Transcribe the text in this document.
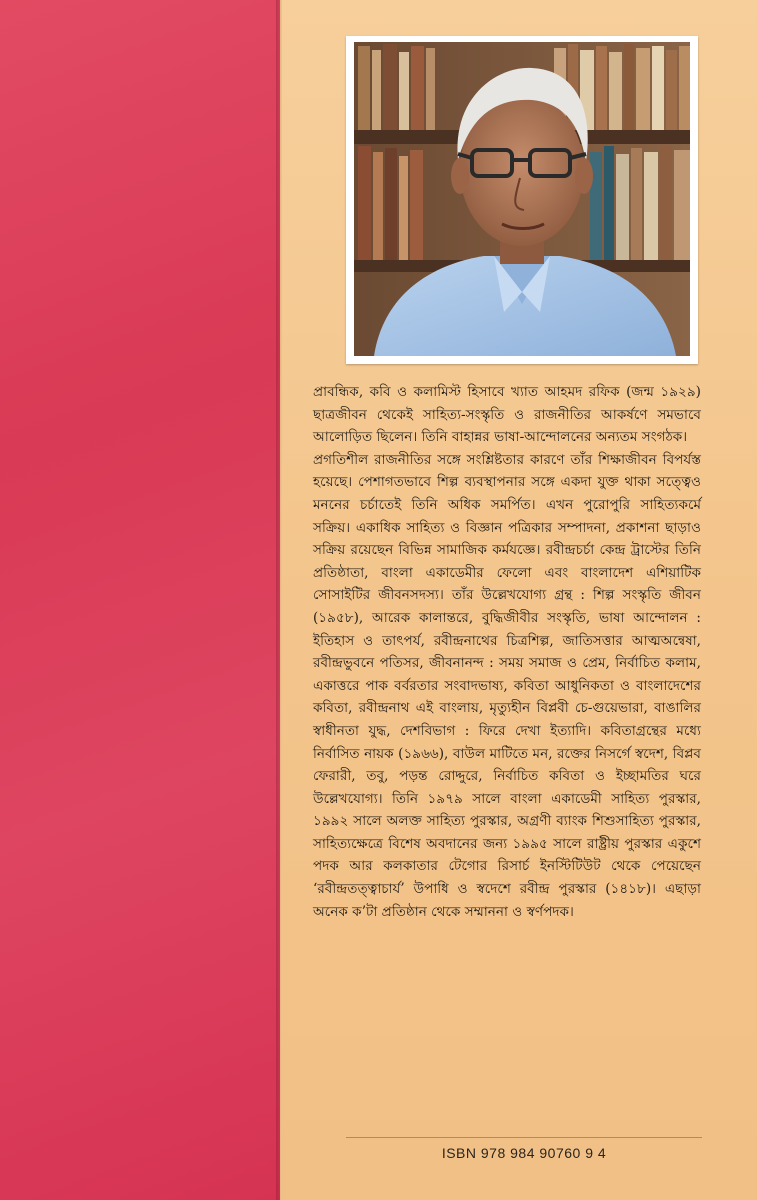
প্রাবন্ধিক, কবি ও কলামিস্ট হিসাবে খ্যাত আহমদ রফিক (জন্ম ১৯২৯) ছাত্রজীবন থেকেই সাহিত্য-সংস্কৃতি ও রাজনীতির আকর্ষণে সমভাবে আলোড়িত ছিলেন। তিনি বাহান্নর ভাষা-আন্দোলনের অন্যতম সংগঠক।

প্রগতিশীল রাজনীতির সঙ্গে সংশ্লিষ্টতার কারণে তাঁর শিক্ষাজীবন বিপর্যস্ত হয়েছে। পেশাগতভাবে শিল্প ব্যবস্থাপনার সঙ্গে একদা যুক্ত থাকা সত্ত্বেও মননের চর্চাতেই তিনি অধিক সমর্পিত। এখন পুরোপুরি সাহিত্যকর্মে সক্রিয়। একাধিক সাহিত্য ও বিজ্ঞান পত্রিকার সম্পাদনা, প্রকাশনা ছাড়াও সক্রিয় রয়েছেন বিভিন্ন সামাজিক কর্মযজ্ঞে। রবীন্দ্রচর্চা কেন্দ্র ট্রাস্টের তিনি প্রতিষ্ঠাতা, বাংলা একাডেমীর ফেলো এবং বাংলাদেশ এশিয়াটিক সোসাইটির জীবনসদস্য। তাঁর উল্লেখযোগ্য গ্রন্থ : শিল্প সংস্কৃতি জীবন (১৯৫৮), আরেক কালান্তরে, বুদ্ধিজীবীর সংস্কৃতি, ভাষা আন্দোলন : ইতিহাস ও তাৎপর্য, রবীন্দ্রনাথের চিত্রশিল্প, জাতিসত্তার আত্মঅন্বেষা, রবীন্দ্রভুবনে পতিসর, জীবনানন্দ : সময় সমাজ ও প্রেম, নির্বাচিত কলাম, একাত্তরে পাক বর্বরতার সংবাদভাষ্য, কবিতা আধুনিকতা ও বাংলাদেশের কবিতা, রবীন্দ্রনাথ এই বাংলায়, মৃত্যুহীন বিপ্লবী চে-গুয়েভারা, বাঙালির স্বাধীনতা যুদ্ধ, দেশবিভাগ : ফিরে দেখা ইত্যাদি। কবিতাগ্রন্থের মধ্যে নির্বাসিত নায়ক (১৯৬৬), বাউল মাটিতে মন, রক্তের নিসর্গে স্বদেশ, বিপ্লব ফেরারী, তবু, পড়ন্ত রোদ্দুরে, নির্বাচিত কবিতা ও ইচ্ছামতির ঘরে উল্লেখযোগ্য। তিনি ১৯৭৯ সালে বাংলা একাডেমী সাহিত্য পুরস্কার, ১৯৯২ সালে অলক্ত সাহিত্য পুরস্কার, অগ্রণী ব্যাংক শিশুসাহিত্য পুরস্কার, সাহিত্যক্ষেত্রে বিশেষ অবদানের জন্য ১৯৯৫ সালে রাষ্ট্রীয় পুরস্কার একুশে পদক আর কলকাতার টেগোর রিসার্চ ইনস্টিটিউট থেকে পেয়েছেন ‘রবীন্দ্রতত্ত্বাচার্য’ উপাধি ও স্বদেশে রবীন্দ্র পুরস্কার (১৪১৮)। এছাড়া অনেক ক’টা প্রতিষ্ঠান থেকে সম্মাননা ও স্বর্ণপদক।

ISBN 978 984 90760 9 4
